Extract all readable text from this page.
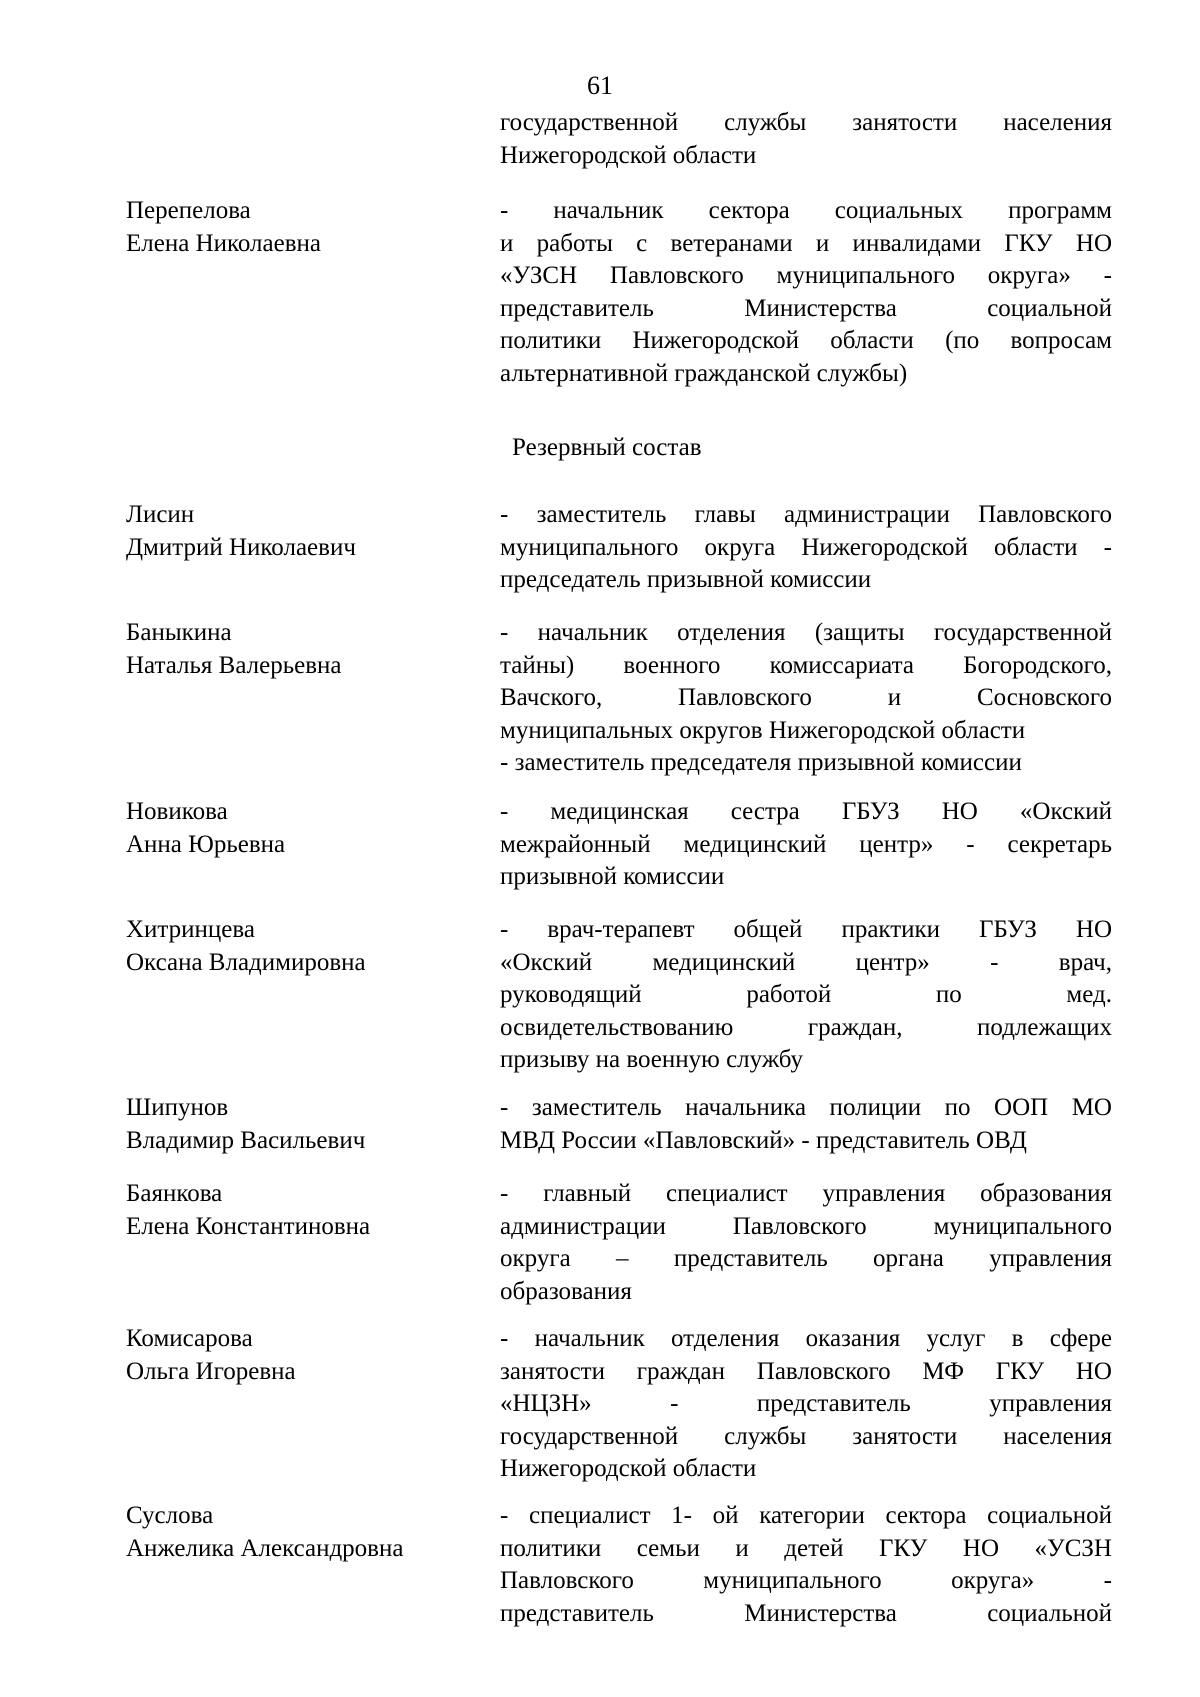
61
государственной службы занятости населения
Нижегородской области
Перепелова
Елена Николаевна
- начальник сектора социальных программ
и работы с ветеранами и инвалидами ГКУ НО
«УЗСН Павловского муниципального округа» -
представитель Министерства социальной
политики Нижегородской области (по вопросам
альтернативной гражданской службы)
Резервный состав
Лисин
Дмитрий Николаевич
- заместитель главы администрации Павловского
муниципального округа Нижегородской области -
председатель призывной комиссии
Баныкина
Наталья Валерьевна
- начальник отделения (защиты государственной
тайны) военного комиссариата Богородского,
Вачского, Павловского и Сосновского
муниципальных округов Нижегородской области
- заместитель председателя призывной комиссии
Новикова
Анна Юрьевна
- медицинская сестра ГБУЗ НО «Окский
межрайонный медицинский центр» - секретарь
призывной комиссии
Хитринцева
Оксана Владимировна
- врач-терапевт общей практики ГБУЗ НО
«Окский медицинский центр» - врач,
руководящий работой по мед.
освидетельствованию граждан, подлежащих
призыву на военную службу
Шипунов
Владимир Васильевич
- заместитель начальника полиции по ООП МО
МВД России «Павловский» - представитель ОВД
Баянкова
Елена Константиновна
- главный специалист управления образования
администрации Павловского муниципального
округа – представитель органа управления
образования
Комисарова
Ольга Игоревна
- начальник отделения оказания услуг в сфере
занятости граждан Павловского МФ ГКУ НО
«НЦЗН» - представитель управления
государственной службы занятости населения
Нижегородской области
Суслова
Анжелика Александровна
- специалист 1- ой категории сектора социальной
политики семьи и детей ГКУ НО «УСЗН
Павловского муниципального округа» -
представитель Министерства социальной
